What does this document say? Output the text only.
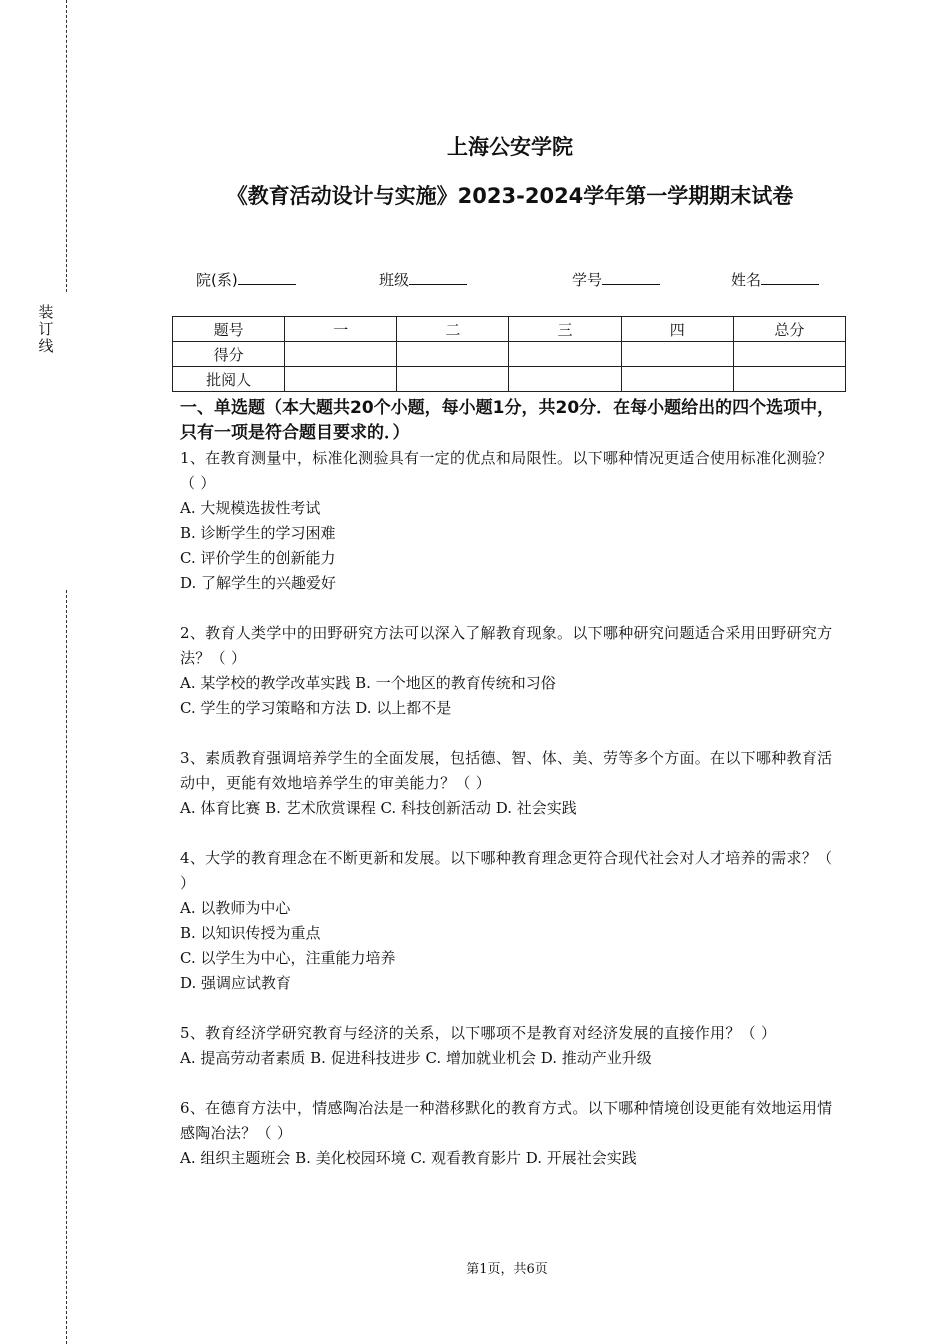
装
订
线
上海公安学院
《教育活动设计与实施》2023-2024学年第一学期期末试卷
院(系)	班级	学号	姓名
题号	一	二	三	四	总分
得分					
批阅人					

一、单选题（本大题共20个小题，每小题1分，共20分．在每小题给出的四个选项中，只有一项是符合题目要求的．）

1、在教育测量中，标准化测验具有一定的优点和局限性。以下哪种情况更适合使用标准化测验？（ ）

A. 大规模选拔性考试

B. 诊断学生的学习困难

C. 评价学生的创新能力

D. 了解学生的兴趣爱好

2、教育人类学中的田野研究方法可以深入了解教育现象。以下哪种研究问题适合采用田野研究方法？（ ）

A. 某学校的教学改革实践 B. 一个地区的教育传统和习俗

C. 学生的学习策略和方法 D. 以上都不是

3、素质教育强调培养学生的全面发展，包括德、智、体、美、劳等多个方面。在以下哪种教育活动中，更能有效地培养学生的审美能力？（ ）

A. 体育比赛 B. 艺术欣赏课程 C. 科技创新活动 D. 社会实践

4、大学的教育理念在不断更新和发展。以下哪种教育理念更符合现代社会对人才培养的需求？（ ）

A. 以教师为中心

B. 以知识传授为重点

C. 以学生为中心，注重能力培养

D. 强调应试教育

5、教育经济学研究教育与经济的关系，以下哪项不是教育对经济发展的直接作用？（ ）

A. 提高劳动者素质 B. 促进科技进步 C. 增加就业机会 D. 推动产业升级

6、在德育方法中，情感陶冶法是一种潜移默化的教育方式。以下哪种情境创设更能有效地运用情感陶冶法？（ ）

A. 组织主题班会 B. 美化校园环境 C. 观看教育影片 D. 开展社会实践

第1页，共6页
